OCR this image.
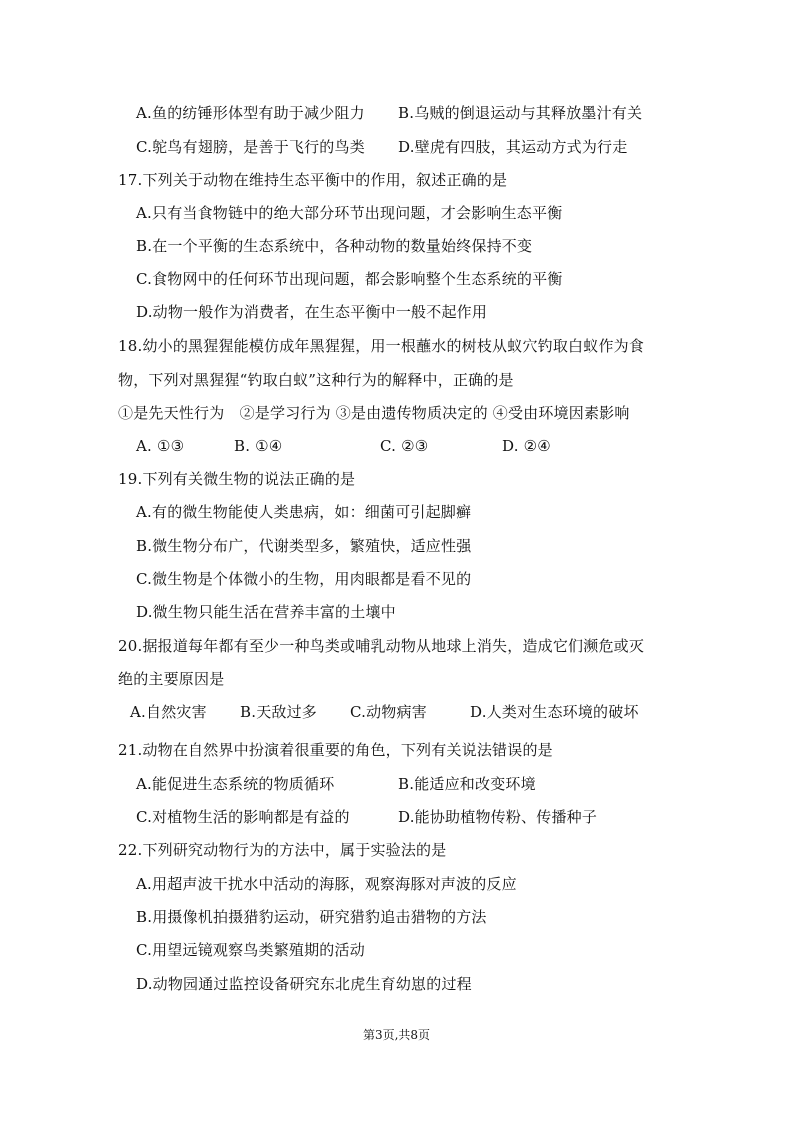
A.鱼的纺锤形体型有助于减少阻力 B.乌贼的倒退运动与其释放墨汁有关
C.鸵鸟有翅膀，是善于飞行的鸟类 D.壁虎有四肢，其运动方式为行走
17.下列关于动物在维持生态平衡中的作用，叙述正确的是
A.只有当食物链中的绝大部分环节出现问题，才会影响生态平衡
B.在一个平衡的生态系统中，各种动物的数量始终保持不变
C.食物网中的任何环节出现问题，都会影响整个生态系统的平衡
D.动物一般作为消费者，在生态平衡中一般不起作用
18.幼小的黑猩猩能模仿成年黑猩猩，用一根蘸水的树枝从蚁穴钓取白蚁作为食
物，下列对黑猩猩“钓取白蚁”这种行为的解释中，正确的是
①是先天性行为　②是学习行为 ③是由遗传物质决定的 ④受由环境因素影响
A. ①③	B. ①④	C. ②③	D. ②④
19.下列有关微生物的说法正确的是
A.有的微生物能使人类患病，如：细菌可引起脚癣
B.微生物分布广，代谢类型多，繁殖快，适应性强
C.微生物是个体微小的生物，用肉眼都是看不见的
D.微生物只能生活在营养丰富的土壤中
20.据报道每年都有至少一种鸟类或哺乳动物从地球上消失，造成它们濒危或灭
绝的主要原因是
A.自然灾害 B.天敌过多 C.动物病害	D.人类对生态环境的破坏
21.动物在自然界中扮演着很重要的角色，下列有关说法错误的是
A.能促进生态系统的物质循环	B.能适应和改变环境
C.对植物生活的影响都是有益的	D.能协助植物传粉、传播种子
22.下列研究动物行为的方法中，属于实验法的是
A.用超声波干扰水中活动的海豚，观察海豚对声波的反应
B.用摄像机拍摄猎豹运动，研究猎豹追击猎物的方法
C.用望远镜观察鸟类繁殖期的活动
D.动物园通过监控设备研究东北虎生育幼崽的过程
第3页,共8页
